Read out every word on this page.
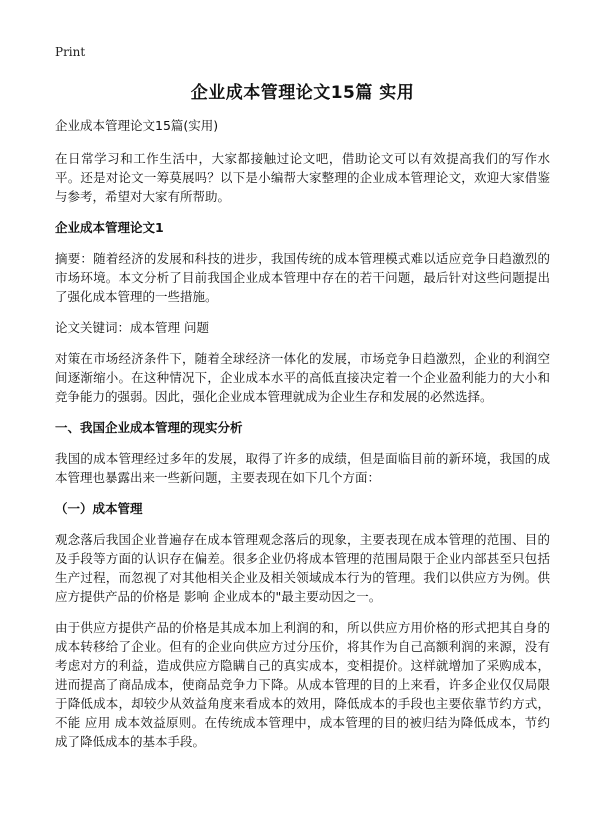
Print
企业成本管理论文15篇 实用
企业成本管理论文15篇(实用)

在日常学习和工作生活中，大家都接触过论文吧，借助论文可以有效提高我们的写作水平。还是对论文一筹莫展吗？以下是小编帮大家整理的企业成本管理论文，欢迎大家借鉴与参考，希望对大家有所帮助。

企业成本管理论文1

摘要：随着经济的发展和科技的进步，我国传统的成本管理模式难以适应竞争日趋激烈的市场环境。本文分析了目前我国企业成本管理中存在的若干问题，最后针对这些问题提出了强化成本管理的一些措施。

论文关键词：成本管理 问题

对策在市场经济条件下，随着全球经济一体化的发展，市场竞争日趋激烈，企业的利润空间逐渐缩小。在这种情况下，企业成本水平的高低直接决定着一个企业盈利能力的大小和竞争能力的强弱。因此，强化企业成本管理就成为企业生存和发展的必然选择。

一、我国企业成本管理的现实分析

我国的成本管理经过多年的发展，取得了许多的成绩，但是面临目前的新环境，我国的成本管理也暴露出来一些新问题，主要表现在如下几个方面：

（一）成本管理

观念落后我国企业普遍存在成本管理观念落后的现象，主要表现在成本管理的范围、目的及手段等方面的认识存在偏差。很多企业仍将成本管理的范围局限于企业内部甚至只包括生产过程，而忽视了对其他相关企业及相关领域成本行为的管理。我们以供应方为例。供应方提供产品的价格是 影响 企业成本的"最主要动因之一。

由于供应方提供产品的价格是其成本加上利润的和，所以供应方用价格的形式把其自身的成本转移给了企业。但有的企业向供应方过分压价，将其作为自己高额利润的来源，没有考虑对方的利益，造成供应方隐瞒自己的真实成本，变相提价。这样就增加了采购成本，进而提高了商品成本，使商品竞争力下降。从成本管理的目的上来看，许多企业仅仅局限于降低成本，却较少从效益角度来看成本的效用，降低成本的手段也主要依靠节约方式，不能 应用 成本效益原则。在传统成本管理中，成本管理的目的被归结为降低成本，节约成了降低成本的基本手段。
